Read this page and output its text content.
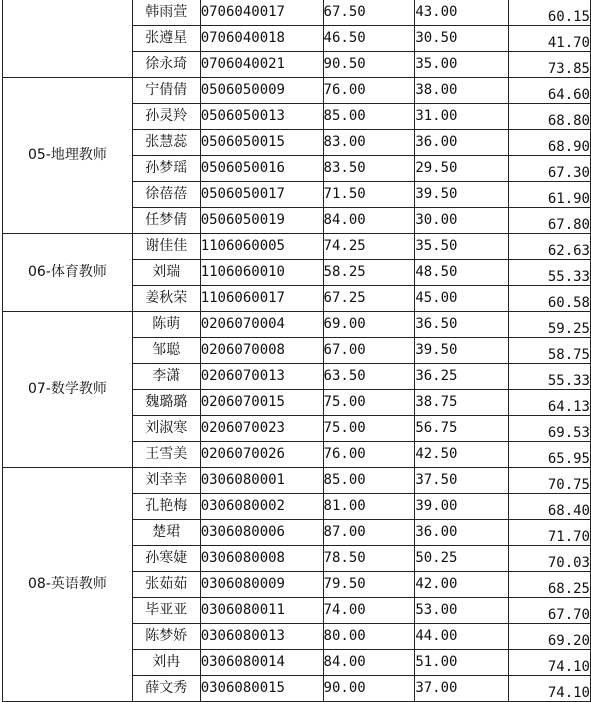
	韩雨萱	0706040017	67.50	43.00	60.15
	张遵星	0706040018	46.50	30.50	41.70
	徐永琦	0706040021	90.50	35.00	73.85
05-地理教师	宁倩倩	0506050009	76.00	38.00	64.60
	孙灵羚	0506050013	85.00	31.00	68.80
	张慧蕊	0506050015	83.00	36.00	68.90
	孙梦瑶	0506050016	83.50	29.50	67.30
	徐蓓蓓	0506050017	71.50	39.50	61.90
	任梦倩	0506050019	84.00	30.00	67.80
06-体育教师	谢佳佳	1106060005	74.25	35.50	62.63
	刘瑞	1106060010	58.25	48.50	55.33
	姜秋荣	1106060017	67.25	45.00	60.58
07-数学教师	陈萌	0206070004	69.00	36.50	59.25
	邹聪	0206070008	67.00	39.50	58.75
	李潇	0206070013	63.50	36.25	55.33
	魏璐璐	0206070015	75.00	38.75	64.13
	刘淑寒	0206070023	75.00	56.75	69.53
	王雪美	0206070026	76.00	42.50	65.95
08-英语教师	刘幸幸	0306080001	85.00	37.50	70.75
	孔艳梅	0306080002	81.00	39.00	68.40
	楚珺	0306080006	87.00	36.00	71.70
	孙寒婕	0306080008	78.50	50.25	70.03
	张茹茹	0306080009	79.50	42.00	68.25
	毕亚亚	0306080011	74.00	53.00	67.70
	陈梦娇	0306080013	80.00	44.00	69.20
	刘冉	0306080014	84.00	51.00	74.10
	薛文秀	0306080015	90.00	37.00	74.10
